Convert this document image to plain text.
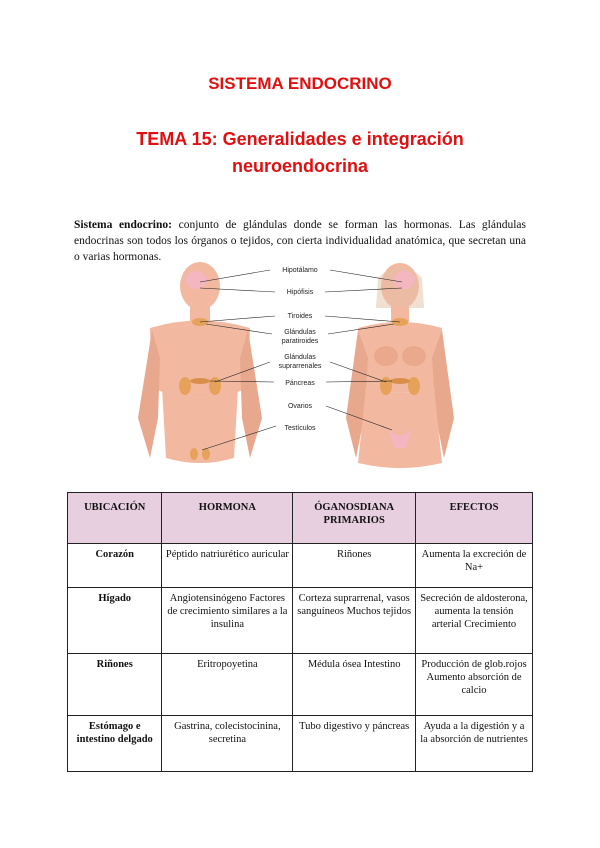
SISTEMA ENDOCRINO
TEMA 15: Generalidades e integración
neuroendocrina

Sistema endocrino: conjunto de glándulas donde se forman las hormonas. Las glándulas endocrinas son todos los órganos o tejidos, con cierta individualidad anatómica, que secretan una o varias hormonas.

Hipotálamo
Hipófisis
Tiroides
Glándulas
paratiroides
Glándulas
suprarrenales
Páncreas
Ovarios
Testículos
UBICACIÓN	HORMONA	ÓGANOSDIANA PRIMARIOS	EFECTOS
Corazón	Péptido natriurético auricular	Riñones	Aumenta la excreción de Na+
Hígado	Angiotensinógeno Factores de crecimiento similares a la insulina	Corteza suprarrenal, vasos sanguíneos Muchos tejidos	Secreción de aldosterona, aumenta la tensión arterial Crecimiento
Riñones	Eritropoyetina	Médula ósea Intestino	Producción de glob.rojos Aumento absorción de calcio
Estómago e intestino delgado	Gastrina, colecistocinina, secretina	Tubo digestivo y páncreas	Ayuda a la digestión y a la absorción de nutrientes
